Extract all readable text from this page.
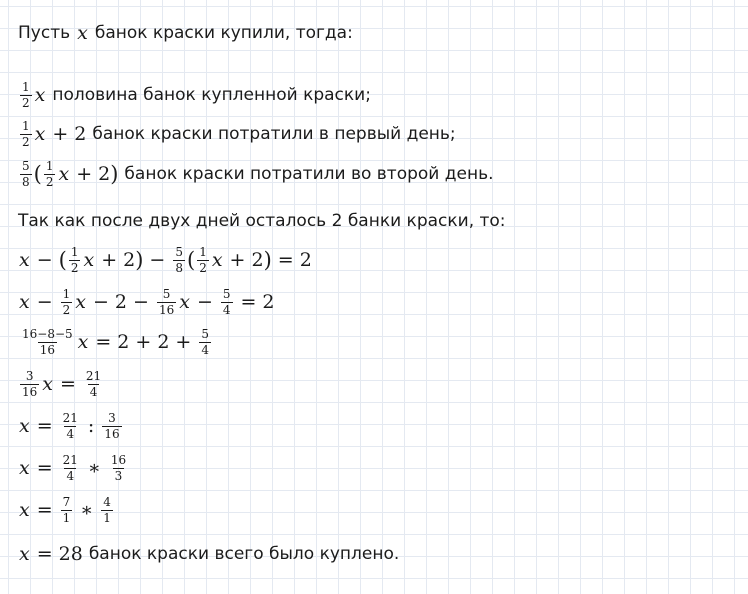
Пусть x банок краски купили, тогда:
$\frac{1}{2}$ x половина банок купленной краски;
$\frac{1}{2}$ x + 2 банок краски потратили в первый день;
$\frac{5}{8}$ ( $\frac{1}{2}$ x + 2 ) банок краски потратили во второй день.
Так как после двух дней осталось 2 банки краски, то:
x − ( $\frac{1}{2}$ x + 2 ) − $\frac{5}{8}$ ( $\frac{1}{2}$ x + 2 ) = 2
$x - \frac{1}{2}$ $x - 2 - \frac{5}{16}$ $x - \frac{5}{4} = 2$
$\frac{16-8-5}{16}$ $x = 2 + 2 + \frac{5}{4}$
$\frac{3}{16}$ $x = \frac{21}{4}$
$x = \frac{21}{4}$ : $\frac{3}{16}$
$x = \frac{21}{4}$ ∗ $\frac{16}{3}$
$x = \frac{7}{1}$ ∗ $\frac{4}{1}$
x = 28 банок краски всего было куплено.
